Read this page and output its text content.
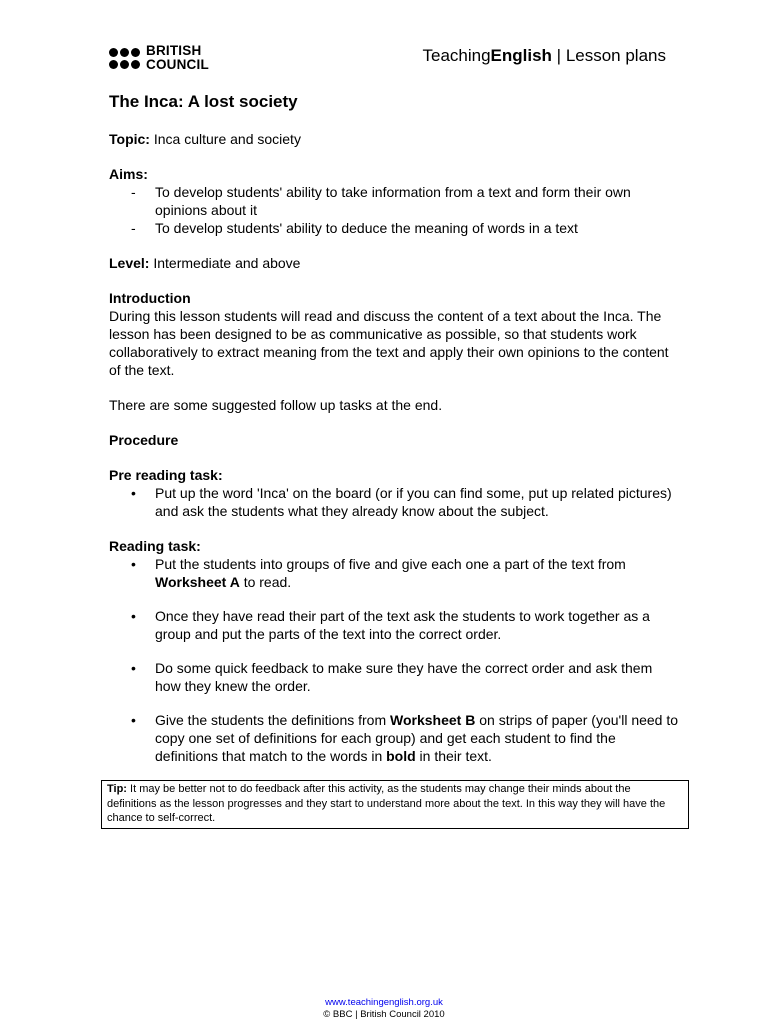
BRITISH
COUNCIL	TeachingEnglish | Lesson plans
The Inca: A lost society

Topic: Inca culture and society

Aims:

- To develop students' ability to take information from a text and form their own opinions about it
- To develop students' ability to deduce the meaning of words in a text

Level: Intermediate and above

Introduction

During this lesson students will read and discuss the content of a text about the Inca. The lesson has been designed to be as communicative as possible, so that students work collaboratively to extract meaning from the text and apply their own opinions to the content of the text.

There are some suggested follow up tasks at the end.

Procedure

Pre reading task:

• Put up the word 'Inca' on the board (or if you can find some, put up related pictures) and ask the students what they already know about the subject.

Reading task:

• Put the students into groups of five and give each one a part of the text from Worksheet A to read.
• Once they have read their part of the text ask the students to work together as a group and put the parts of the text into the correct order.
• Do some quick feedback to make sure they have the correct order and ask them how they knew the order.
• Give the students the definitions from Worksheet B on strips of paper (you'll need to copy one set of definitions for each group) and get each student to find the definitions that match to the words in bold in their text.
Tip: It may be better not to do feedback after this activity, as the students may change their minds about the definitions as the lesson progresses and they start to understand more about the text. In this way they will have the chance to self-correct.
www.teachingenglish.org.uk
© BBC | British Council 2010
